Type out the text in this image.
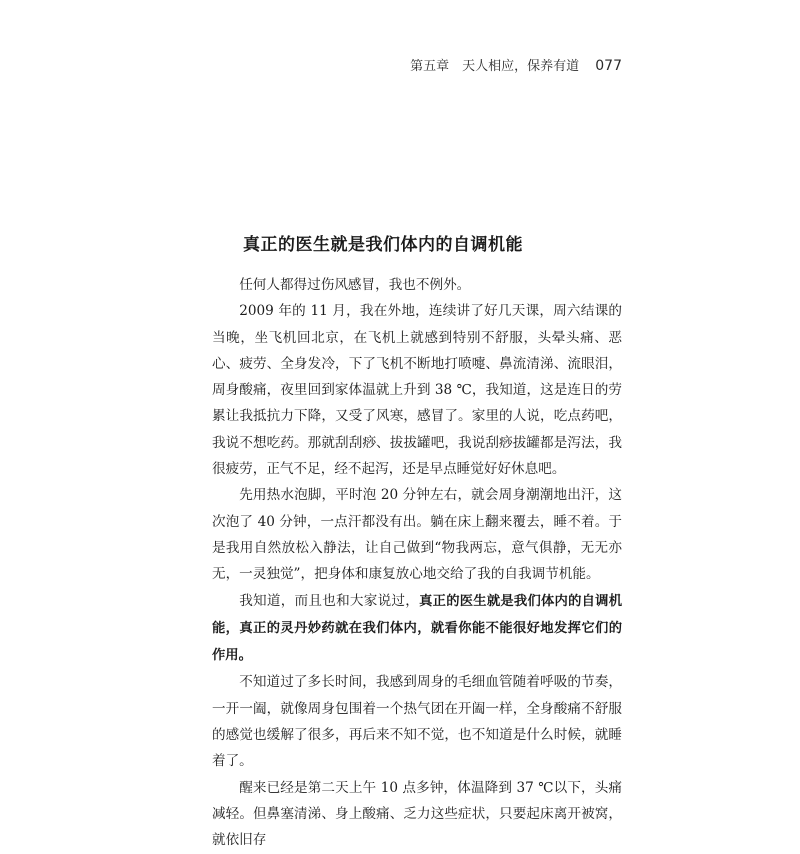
第五章　天人相应，保养有道 077
真正的医生就是我们体内的自调机能

任何人都得过伤风感冒，我也不例外。

2009 年的 11 月，我在外地，连续讲了好几天课，周六结课的当晚，坐飞机回北京，在飞机上就感到特别不舒服，头晕头痛、恶心、疲劳、全身发冷，下了飞机不断地打喷嚏、鼻流清涕、流眼泪，周身酸痛，夜里回到家体温就上升到 38 ℃，我知道，这是连日的劳累让我抵抗力下降，又受了风寒，感冒了。家里的人说，吃点药吧，我说不想吃药。那就刮刮痧、拔拔罐吧，我说刮痧拔罐都是泻法，我很疲劳，正气不足，经不起泻，还是早点睡觉好好休息吧。

先用热水泡脚，平时泡 20 分钟左右，就会周身潮潮地出汗，这次泡了 40 分钟，一点汗都没有出。躺在床上翻来覆去，睡不着。于是我用自然放松入静法，让自己做到“物我两忘，意气俱静，无无亦无，一灵独觉”，把身体和康复放心地交给了我的自我调节机能。

我知道，而且也和大家说过，真正的医生就是我们体内的自调机能，真正的灵丹妙药就在我们体内，就看你能不能很好地发挥它们的作用。

不知道过了多长时间，我感到周身的毛细血管随着呼吸的节奏，一开一阖，就像周身包围着一个热气团在开阖一样，全身酸痛不舒服的感觉也缓解了很多，再后来不知不觉，也不知道是什么时候，就睡着了。

醒来已经是第二天上午 10 点多钟，体温降到 37 ℃以下，头痛减轻。但鼻塞清涕、身上酸痛、乏力这些症状，只要起床离开被窝，就依旧存
